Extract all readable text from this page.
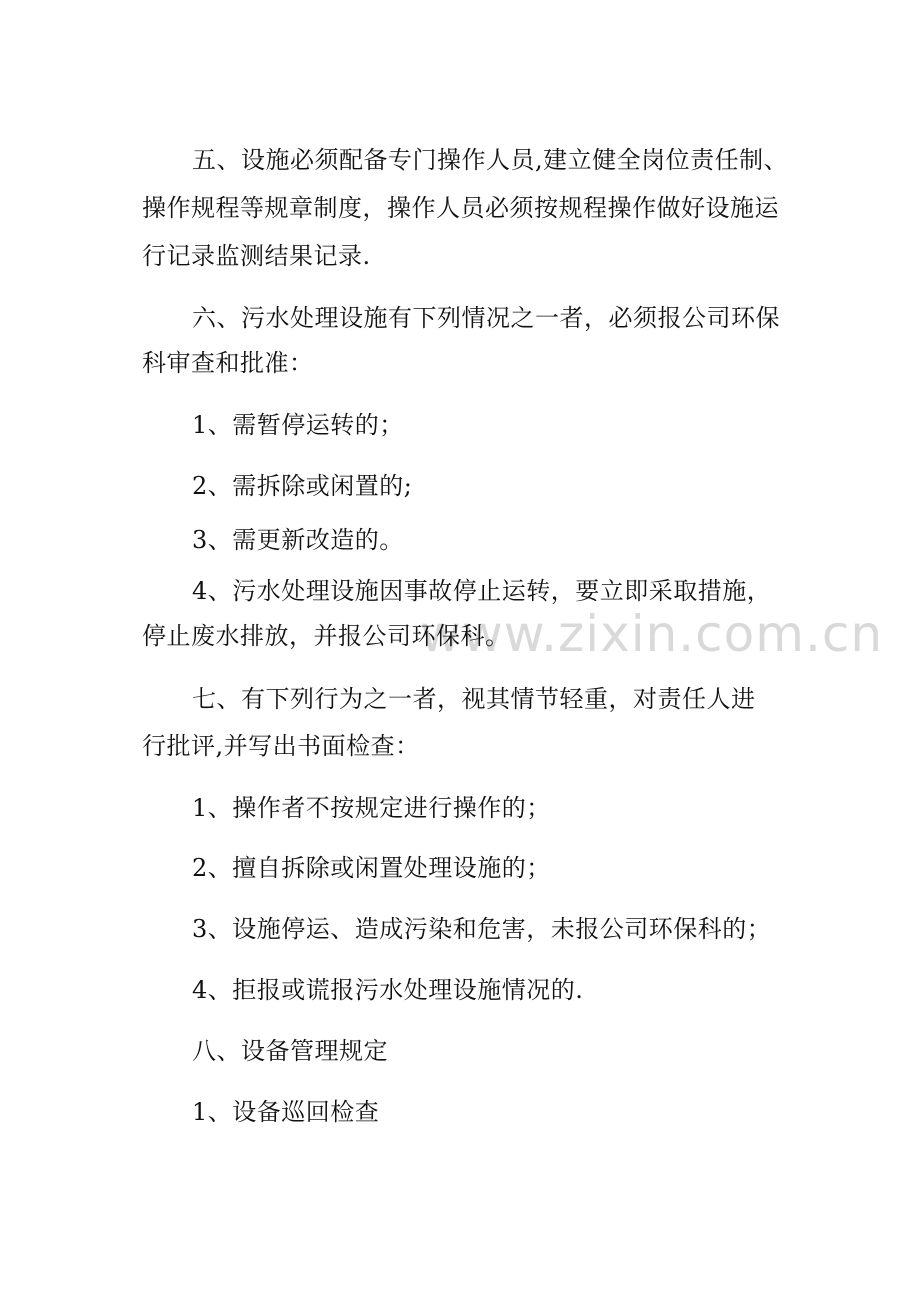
www.zixin.com.cn
五、设施必须配备专门操作人员,建立健全岗位责任制、
操作规程等规章制度，操作人员必须按规程操作做好设施运
行记录监测结果记录.
六、污水处理设施有下列情况之一者，必须报公司环保
科审查和批准：
1、需暂停运转的；
2、需拆除或闲置的;
3、需更新改造的。
4、污水处理设施因事故停止运转，要立即采取措施，
停止废水排放，并报公司环保科。
七、有下列行为之一者，视其情节轻重，对责任人进
行批评,并写出书面检查：
1、操作者不按规定进行操作的；
2、擅自拆除或闲置处理设施的；
3、设施停运、造成污染和危害，未报公司环保科的；
4、拒报或谎报污水处理设施情况的.
八、设备管理规定
1、设备巡回检查
